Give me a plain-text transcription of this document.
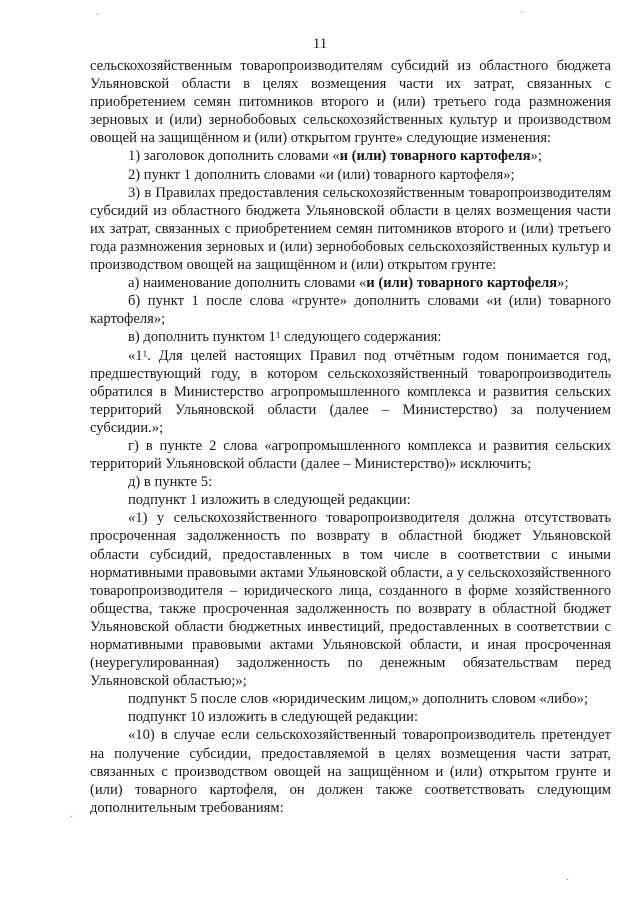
·	·
·
·
11

сельскохозяйственным товаропроизводителям субсидий из областного бюджета Ульяновской области в целях возмещения части их затрат, связанных с приобретением семян питомников второго и (или) третьего года размножения зерновых и (или) зернобобовых сельскохозяйственных культур и производством овощей на защищённом и (или) открытом грунте» следующие изменения:

1) заголовок дополнить словами «и (или) товарного картофеля»;

2) пункт 1 дополнить словами «и (или) товарного картофеля»;

3) в Правилах предоставления сельскохозяйственным товаропроизводителям субсидий из областного бюджета Ульяновской области в целях возмещения части их затрат, связанных с приобретением семян питомников второго и (или) третьего года размножения зерновых и (или) зернобобовых сельскохозяйственных культур и производством овощей на защищённом и (или) открытом грунте:

а) наименование дополнить словами «и (или) товарного картофеля»;

б) пункт 1 после слова «грунте» дополнить словами «и (или) товарного картофеля»;

в) дополнить пунктом $1^1$ следующего содержания:

«$1^1$. Для целей настоящих Правил под отчётным годом понимается год, предшествующий году, в котором сельскохозяйственный товаропроизводитель обратился в Министерство агропромышленного комплекса и развития сельских территорий Ульяновской области (далее – Министерство) за получением субсидии.»;

г) в пункте 2 слова «агропромышленного комплекса и развития сельских территорий Ульяновской области (далее – Министерство)» исключить;

д) в пункте 5:

подпункт 1 изложить в следующей редакции:

«1) у сельскохозяйственного товаропроизводителя должна отсутствовать просроченная задолженность по возврату в областной бюджет Ульяновской области субсидий, предоставленных в том числе в соответствии с иными нормативными правовыми актами Ульяновской области, а у сельскохозяйственного товаропроизводителя – юридического лица, созданного в форме хозяйственного общества, также просроченная задолженность по возврату в областной бюджет Ульяновской области бюджетных инвестиций, предоставленных в соответствии с нормативными правовыми актами Ульяновской области, и иная просроченная (неурегулированная) задолженность по денежным обязательствам перед Ульяновской областью;»;

подпункт 5 после слов «юридическим лицом,» дополнить словом «либо»;

подпункт 10 изложить в следующей редакции:

«10) в случае если сельскохозяйственный товаропроизводитель претендует на получение субсидии, предоставляемой в целях возмещения части затрат, связанных с производством овощей на защищённом и (или) открытом грунте и (или) товарного картофеля, он должен также соответствовать следующим дополнительным требованиям:
